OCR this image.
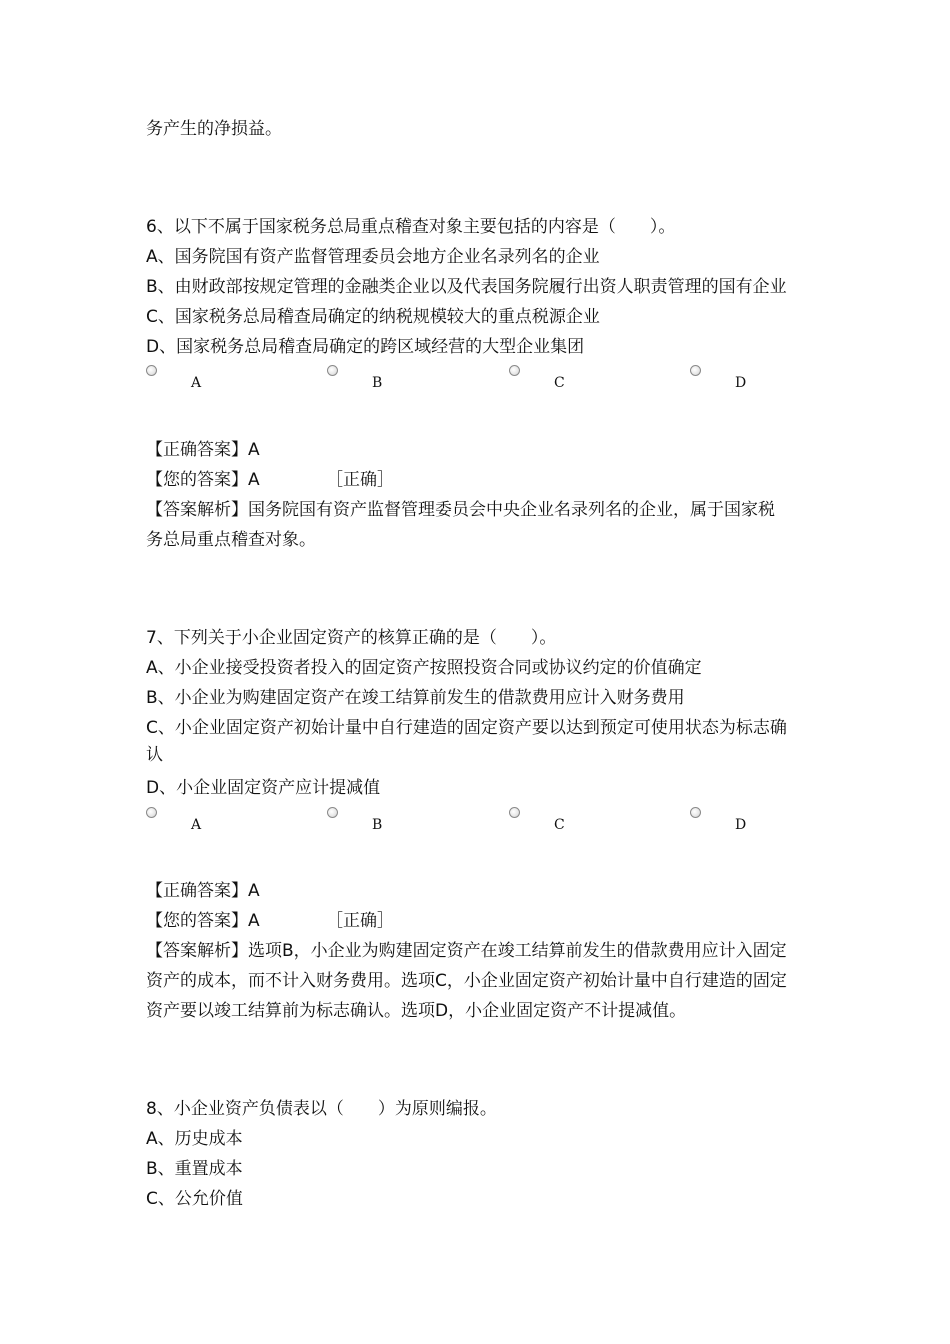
务产生的净损益。
6、以下不属于国家税务总局重点稽查对象主要包括的内容是（　　）。
A、国务院国有资产监督管理委员会地方企业名录列名的企业
B、由财政部按规定管理的金融类企业以及代表国务院履行出资人职责管理的国有企业
C、国家税务总局稽查局确定的纳税规模较大的重点税源企业
D、国家税务总局稽查局确定的跨区域经营的大型企业集团
A	B	C	D
【正确答案】A
【您的答案】A	［正确］
【答案解析】国务院国有资产监督管理委员会中央企业名录列名的企业，属于国家税
务总局重点稽查对象。
7、下列关于小企业固定资产的核算正确的是（　　）。
A、小企业接受投资者投入的固定资产按照投资合同或协议约定的价值确定
B、小企业为购建固定资产在竣工结算前发生的借款费用应计入财务费用
C、小企业固定资产初始计量中自行建造的固定资产要以达到预定可使用状态为标志确
认
D、小企业固定资产应计提减值
A	B	C	D
【正确答案】A
【您的答案】A	［正确］
【答案解析】选项B，小企业为购建固定资产在竣工结算前发生的借款费用应计入固定
资产的成本，而不计入财务费用。选项C，小企业固定资产初始计量中自行建造的固定
资产要以竣工结算前为标志确认。选项D，小企业固定资产不计提减值。
8、小企业资产负债表以（　　）为原则编报。
A、历史成本
B、重置成本
C、公允价值
